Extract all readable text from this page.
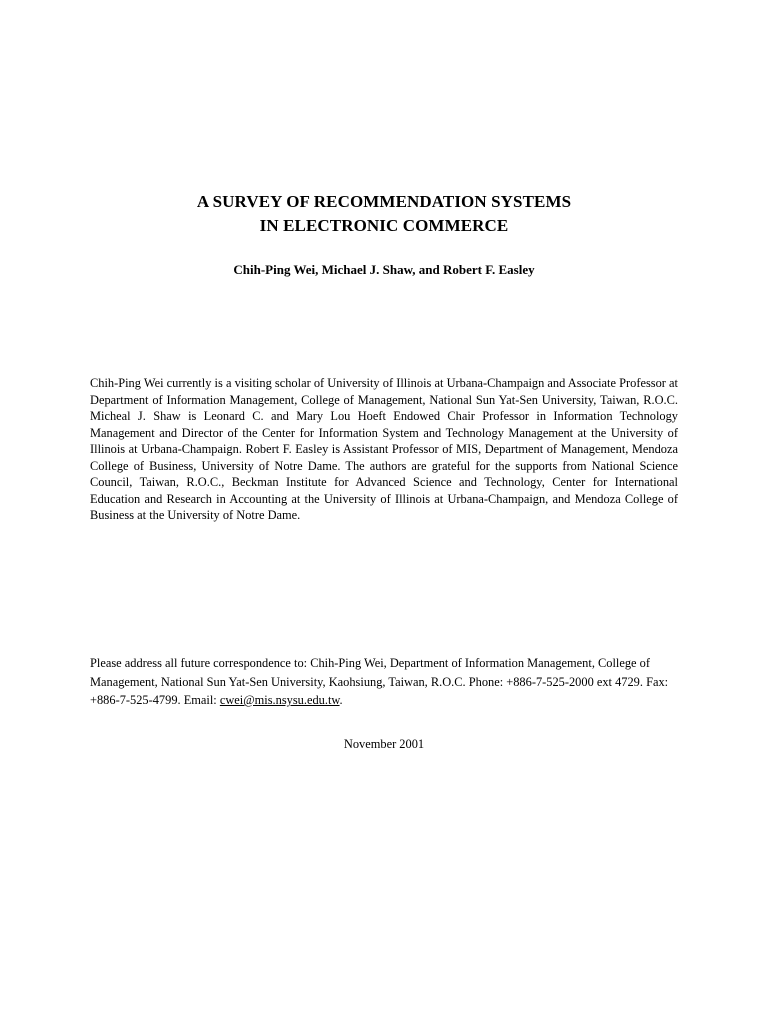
A SURVEY OF RECOMMENDATION SYSTEMS
IN ELECTRONIC COMMERCE
Chih-Ping Wei, Michael J. Shaw, and Robert F. Easley
Chih-Ping Wei currently is a visiting scholar of University of Illinois at Urbana-Champaign and Associate Professor at Department of Information Management, College of Management, National Sun Yat-Sen University, Taiwan, R.O.C. Micheal J. Shaw is Leonard C. and Mary Lou Hoeft Endowed Chair Professor in Information Technology Management and Director of the Center for Information System and Technology Management at the University of Illinois at Urbana-Champaign. Robert F. Easley is Assistant Professor of MIS, Department of Management, Mendoza College of Business, University of Notre Dame. The authors are grateful for the supports from National Science Council, Taiwan, R.O.C., Beckman Institute for Advanced Science and Technology, Center for International Education and Research in Accounting at the University of Illinois at Urbana-Champaign, and Mendoza College of Business at the University of Notre Dame.
Please address all future correspondence to: Chih-Ping Wei, Department of Information Management, College of Management, National Sun Yat-Sen University, Kaohsiung, Taiwan, R.O.C. Phone: +886-7-525-2000 ext 4729. Fax: +886-7-525-4799. Email: cwei@mis.nsysu.edu.tw.
November 2001
